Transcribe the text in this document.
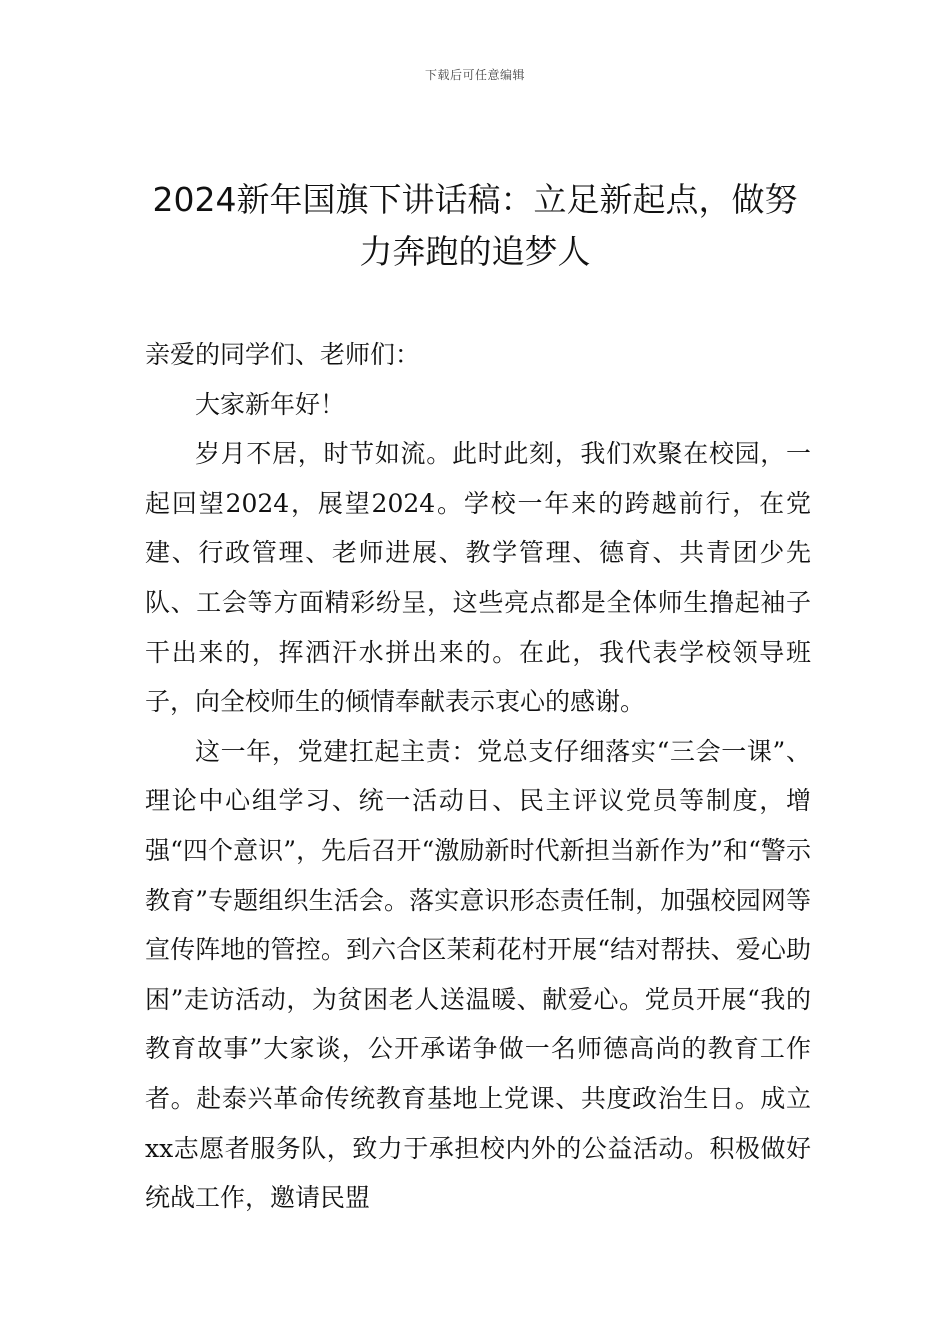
下载后可任意编辑
2024新年国旗下讲话稿：立足新起点，做努力奔跑的追梦人

亲爱的同学们、老师们：

大家新年好！

岁月不居，时节如流。此时此刻，我们欢聚在校园，一起回望2024，展望2024。学校一年来的跨越前行，在党建、行政管理、老师进展、教学管理、德育、共青团少先队、工会等方面精彩纷呈，这些亮点都是全体师生撸起袖子干出来的，挥洒汗水拼出来的。在此，我代表学校领导班子，向全校师生的倾情奉献表示衷心的感谢。

这一年，党建扛起主责：党总支仔细落实“三会一课”、理论中心组学习、统一活动日、民主评议党员等制度，增强“四个意识”，先后召开“激励新时代新担当新作为”和“警示教育”专题组织生活会。落实意识形态责任制，加强校园网等宣传阵地的管控。到六合区茉莉花村开展“结对帮扶、爱心助困”走访活动，为贫困老人送温暖、献爱心。党员开展“我的教育故事”大家谈，公开承诺争做一名师德高尚的教育工作者。赴泰兴革命传统教育基地上党课、共度政治生日。成立xx志愿者服务队，致力于承担校内外的公益活动。积极做好统战工作，邀请民盟
